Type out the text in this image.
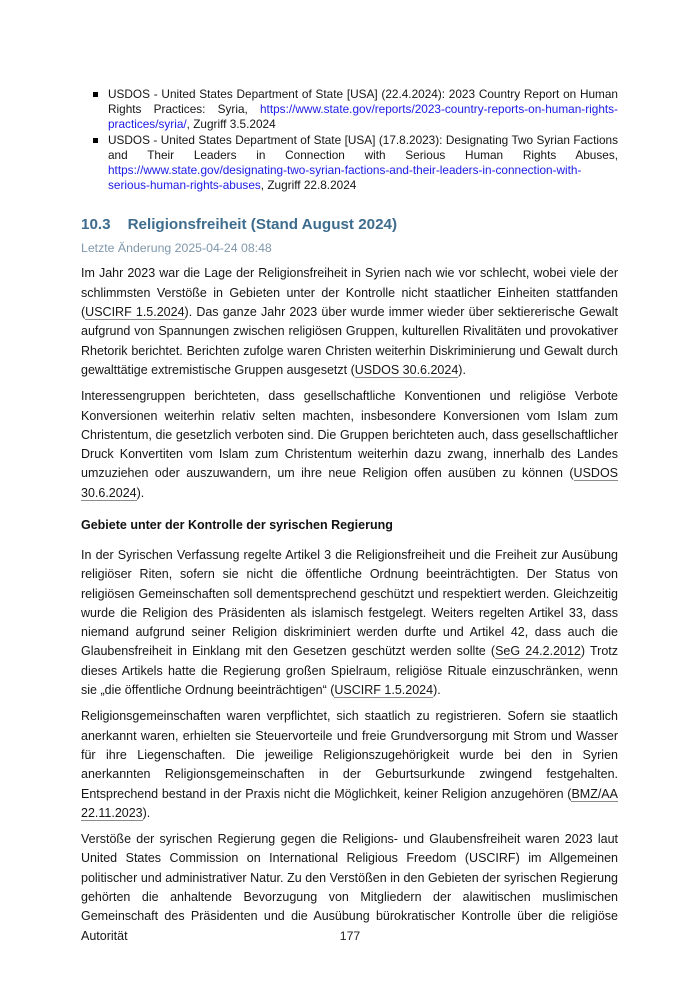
USDOS - United States Department of State [USA] (22.4.2024): 2023 Country Report on Human Rights Practices: Syria, https://www.state.gov/reports/2023-country-reports-on-human-rights-practices/syria/, Zugriff 3.5.2024
USDOS - United States Department of State [USA] (17.8.2023): Designating Two Syrian Factions and Their Leaders in Connection with Serious Human Rights Abuses, https://www.state.gov/designating-two-syrian-factions-and-their-leaders-in-connection-with-serious-human-rights-abuses, Zugriff 22.8.2024
10.3 Religionsfreiheit (Stand August 2024)
Letzte Änderung 2025-04-24 08:48

Im Jahr 2023 war die Lage der Religionsfreiheit in Syrien nach wie vor schlecht, wobei viele der schlimmsten Verstöße in Gebieten unter der Kontrolle nicht staatlicher Einheiten stattfanden (USCIRF 1.5.2024). Das ganze Jahr 2023 über wurde immer wieder über sektiererische Gewalt aufgrund von Spannungen zwischen religiösen Gruppen, kulturellen Rivalitäten und provokativer Rhetorik berichtet. Berichten zufolge waren Christen weiterhin Diskriminierung und Gewalt durch gewalttätige extremistische Gruppen ausgesetzt (USDOS 30.6.2024).

Interessengruppen berichteten, dass gesellschaftliche Konventionen und religiöse Verbote Konversionen weiterhin relativ selten machten, insbesondere Konversionen vom Islam zum Christentum, die gesetzlich verboten sind. Die Gruppen berichteten auch, dass gesellschaftlicher Druck Konvertiten vom Islam zum Christentum weiterhin dazu zwang, innerhalb des Landes umzuziehen oder auszuwandern, um ihre neue Religion offen ausüben zu können (USDOS 30.6.2024).

Gebiete unter der Kontrolle der syrischen Regierung

In der Syrischen Verfassung regelte Artikel 3 die Religionsfreiheit und die Freiheit zur Ausübung religiöser Riten, sofern sie nicht die öffentliche Ordnung beeinträchtigten. Der Status von religiösen Gemeinschaften soll dementsprechend geschützt und respektiert werden. Gleichzeitig wurde die Religion des Präsidenten als islamisch festgelegt. Weiters regelten Artikel 33, dass niemand aufgrund seiner Religion diskriminiert werden durfte und Artikel 42, dass auch die Glaubensfreiheit in Einklang mit den Gesetzen geschützt werden sollte (SeG 24.2.2012) Trotz dieses Artikels hatte die Regierung großen Spielraum, religiöse Rituale einzuschränken, wenn sie „die öffentliche Ordnung beeinträchtigen“ (USCIRF 1.5.2024).

Religionsgemeinschaften waren verpflichtet, sich staatlich zu registrieren. Sofern sie staatlich anerkannt waren, erhielten sie Steuervorteile und freie Grundversorgung mit Strom und Wasser für ihre Liegenschaften. Die jeweilige Religionszugehörigkeit wurde bei den in Syrien anerkannten Religionsgemeinschaften in der Geburtsurkunde zwingend festgehalten. Entsprechend bestand in der Praxis nicht die Möglichkeit, keiner Religion anzugehören (BMZ/AA 22.11.2023).

Verstöße der syrischen Regierung gegen die Religions- und Glaubensfreiheit waren 2023 laut United States Commission on International Religious Freedom (USCIRF) im Allgemeinen politischer und administrativer Natur. Zu den Verstößen in den Gebieten der syrischen Regierung gehörten die anhaltende Bevorzugung von Mitgliedern der alawitischen muslimischen Gemeinschaft des Präsidenten und die Ausübung bürokratischer Kontrolle über die religiöse Autorität	177
